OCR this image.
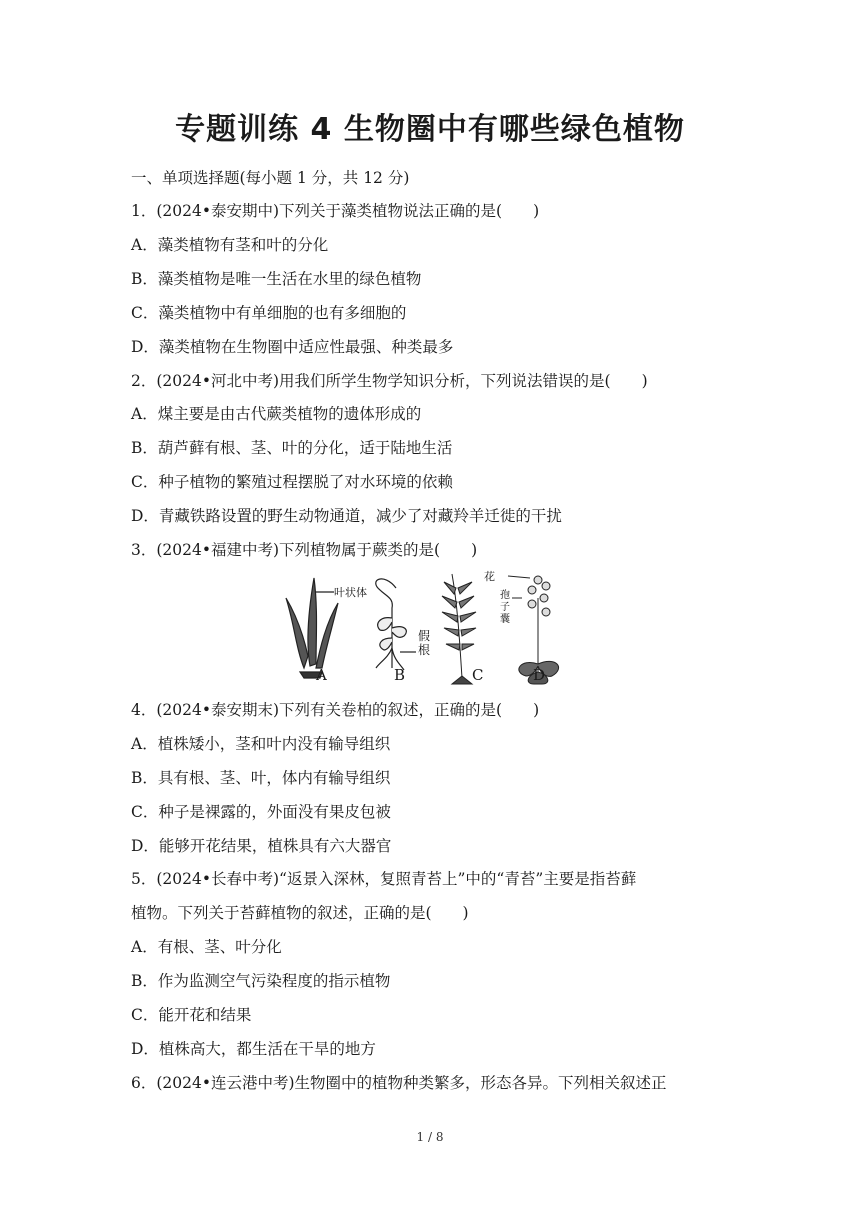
专题训练 4 生物圈中有哪些绿色植物
一、单项选择题(每小题 1 分，共 12 分)
1．(2024•泰安期中)下列关于藻类植物说法正确的是(　　)
A．藻类植物有茎和叶的分化
B．藻类植物是唯一生活在水里的绿色植物
C．藻类植物中有单细胞的也有多细胞的
D．藻类植物在生物圈中适应性最强、种类最多
2．(2024•河北中考)用我们所学生物学知识分析，下列说法错误的是(　　)
A．煤主要是由古代蕨类植物的遗体形成的
B．葫芦藓有根、茎、叶的分化，适于陆地生活
C．种子植物的繁殖过程摆脱了对水环境的依赖
D．青藏铁路设置的野生动物通道，减少了对藏羚羊迁徙的干扰
3．(2024•福建中考)下列植物属于蕨类的是(　　)
叶状体
假
根
花
孢
子
囊
A	B	C	D
4．(2024•泰安期末)下列有关卷柏的叙述，正确的是(　　)
A．植株矮小，茎和叶内没有输导组织
B．具有根、茎、叶，体内有输导组织
C．种子是裸露的，外面没有果皮包被
D．能够开花结果，植株具有六大器官
5．(2024•长春中考)“返景入深林，复照青苔上”中的“青苔”主要是指苔藓
植物。下列关于苔藓植物的叙述，正确的是(　　)
A．有根、茎、叶分化
B．作为监测空气污染程度的指示植物
C．能开花和结果
D．植株高大，都生活在干旱的地方
6．(2024•连云港中考)生物圈中的植物种类繁多，形态各异。下列相关叙述正
1 / 8
